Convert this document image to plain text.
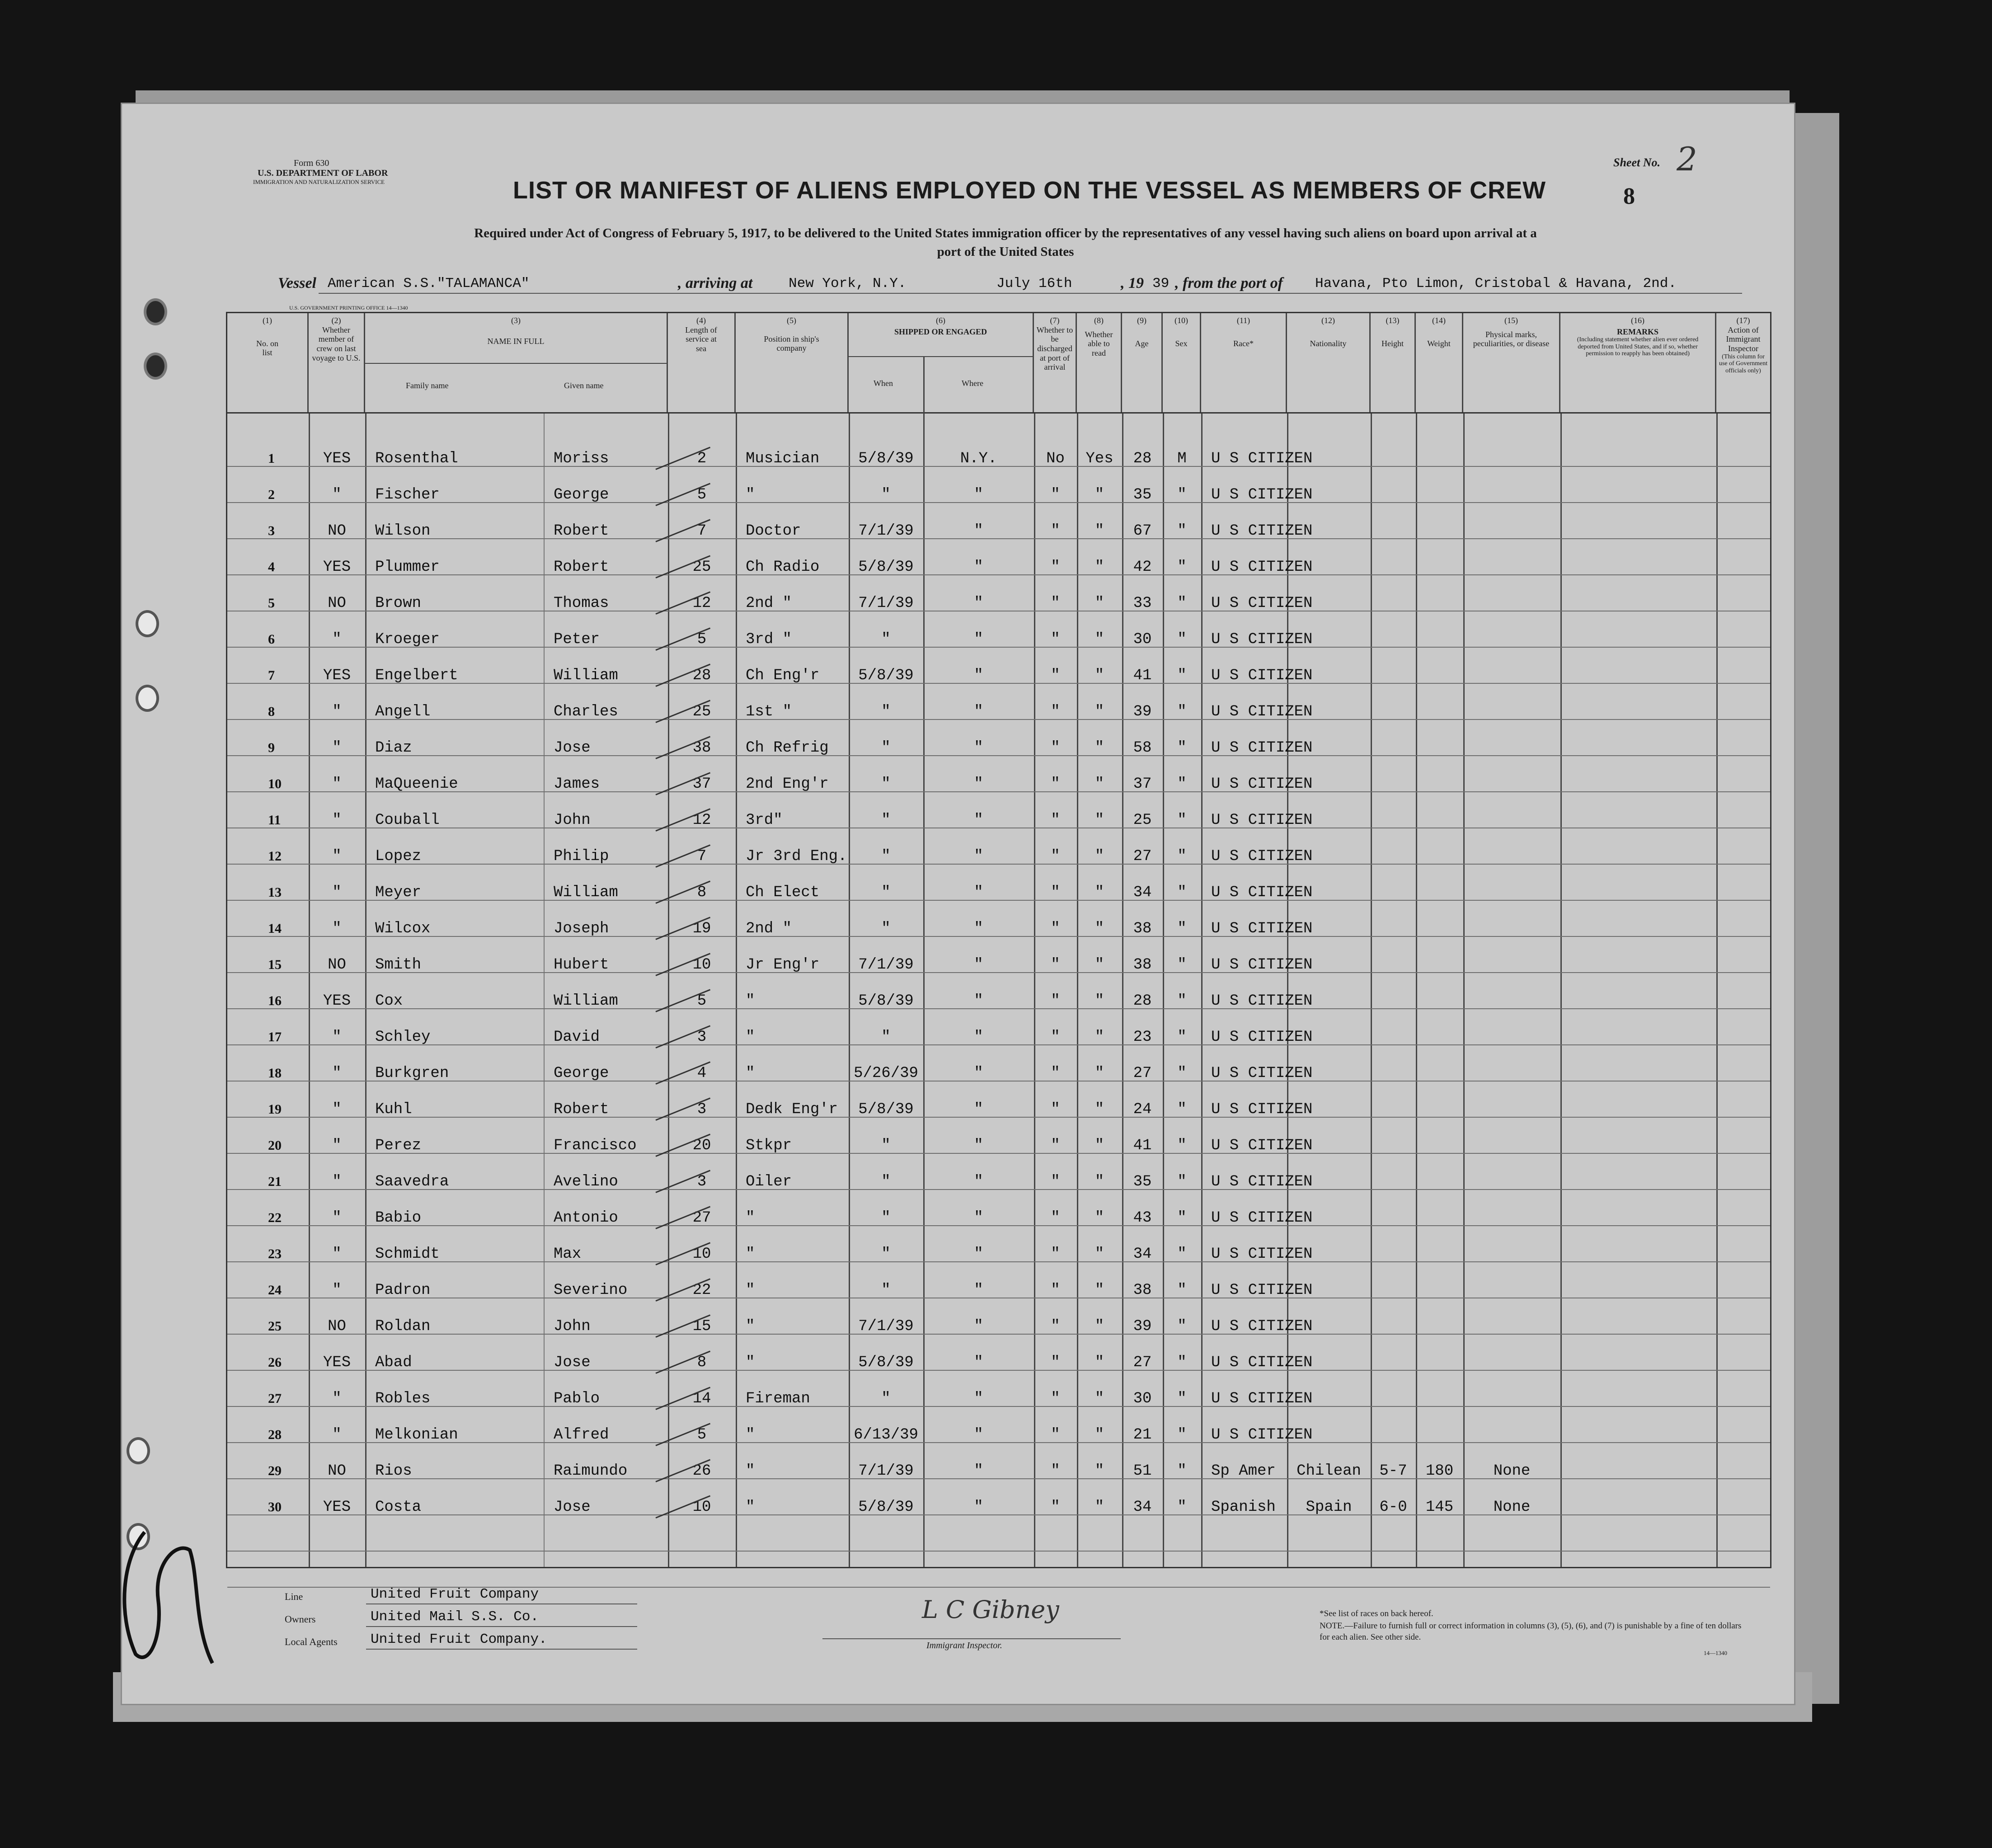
Form 630
U.S. DEPARTMENT OF LABOR
IMMIGRATION AND NATURALIZATION SERVICE
Sheet No. 2
8
LIST OR MANIFEST OF ALIENS EMPLOYED ON THE VESSEL AS MEMBERS OF CREW
Required under Act of Congress of February 5, 1917, to be delivered to the United States immigration officer by the representatives of any vessel having such aliens on board upon arrival at a
port of the United States
Vessel American S.S."TALAMANCA"	, arriving at	New York, N.Y.	July 16th	, 19 39 , from the port of Havana, Pto Limon, Cristobal & Havana, 2nd.
U.S. GOVERNMENT PRINTING OFFICE 14—1340
(1)
No. on list
(2)
Whether member of crew on last voyage to U.S.
(3)
NAME IN FULL
Family name	Given name
(4)
Length of service at sea
(5)
Position in ship's company
(6)
SHIPPED OR ENGAGED
When	Where
(7)
Whether to be discharged at port of arrival
(8)
Whether able to read
(9)
Age
(10)
Sex
(11)
Race*
(12)
Nationality
(13)
Height
(14)
Weight
(15)
Physical marks, peculiarities, or disease
(16)
REMARKS
(Including statement whether alien ever ordered deported from United States, and if so, whether permission to reapply has been obtained)
(17)
Action of Immigrant Inspector
(This column for use of Government officials only)
1	YES	Rosenthal	Moriss	2	Musician	5/8/39	N.Y.	No	Yes	28	M	U S CITIZEN
2	"	Fischer	George	5	"	"	"	"	"	35	"	U S CITIZEN
3	NO	Wilson	Robert	7	Doctor	7/1/39	"	"	"	67	"	U S CITIZEN
4	YES	Plummer	Robert	25	Ch Radio	5/8/39	"	"	"	42	"	U S CITIZEN
5	NO	Brown	Thomas	12	2nd "	7/1/39	"	"	"	33	"	U S CITIZEN
6	"	Kroeger	Peter	5	3rd "	"	"	"	"	30	"	U S CITIZEN
7	YES	Engelbert	William	28	Ch Eng'r	5/8/39	"	"	"	41	"	U S CITIZEN
8	"	Angell	Charles	25	1st "	"	"	"	"	39	"	U S CITIZEN
9	"	Diaz	Jose	38	Ch Refrig	"	"	"	"	58	"	U S CITIZEN
10	"	MaQueenie	James	37	2nd Eng'r	"	"	"	"	37	"	U S CITIZEN
11	"	Couball	John	12	3rd"	"	"	"	"	25	"	U S CITIZEN
12	"	Lopez	Philip	7	Jr 3rd Eng.	"	"	"	"	27	"	U S CITIZEN
13	"	Meyer	William	8	Ch Elect	"	"	"	"	34	"	U S CITIZEN
14	"	Wilcox	Joseph	19	2nd "	"	"	"	"	38	"	U S CITIZEN
15	NO	Smith	Hubert	10	Jr Eng'r	7/1/39	"	"	"	38	"	U S CITIZEN
16	YES	Cox	William	5	"	5/8/39	"	"	"	28	"	U S CITIZEN
17	"	Schley	David	3	"	"	"	"	"	23	"	U S CITIZEN
18	"	Burkgren	George	4	"	5/26/39	"	"	"	27	"	U S CITIZEN
19	"	Kuhl	Robert	3	Dedk Eng'r	5/8/39	"	"	"	24	"	U S CITIZEN
20	"	Perez	Francisco	20	Stkpr	"	"	"	"	41	"	U S CITIZEN
21	"	Saavedra	Avelino	3	Oiler	"	"	"	"	35	"	U S CITIZEN
22	"	Babio	Antonio	27	"	"	"	"	"	43	"	U S CITIZEN
23	"	Schmidt	Max	10	"	"	"	"	"	34	"	U S CITIZEN
24	"	Padron	Severino	22	"	"	"	"	"	38	"	U S CITIZEN
25	NO	Roldan	John	15	"	7/1/39	"	"	"	39	"	U S CITIZEN
26	YES	Abad	Jose	8	"	5/8/39	"	"	"	27	"	U S CITIZEN
27	"	Robles	Pablo	14	Fireman	"	"	"	"	30	"	U S CITIZEN
28	"	Melkonian	Alfred	5	"	6/13/39	"	"	"	21	"	U S CITIZEN
29	NO	Rios	Raimundo	26	"	7/1/39	"	"	"	51	"	Sp Amer	Chilean	5-7	180	None
30	YES	Costa	Jose	10	"	5/8/39	"	"	"	34	"	Spanish	Spain	6-0	145	None
Line	United Fruit Company
Owners	United Mail S.S. Co.
Local Agents United Fruit Company.
L C Gibney
Immigrant Inspector.
*See list of races on back hereof.
NOTE.—Failure to furnish full or correct information in columns (3), (5), (6), and (7) is punishable by a fine of ten dollars for each alien. See other side.
14—1340
